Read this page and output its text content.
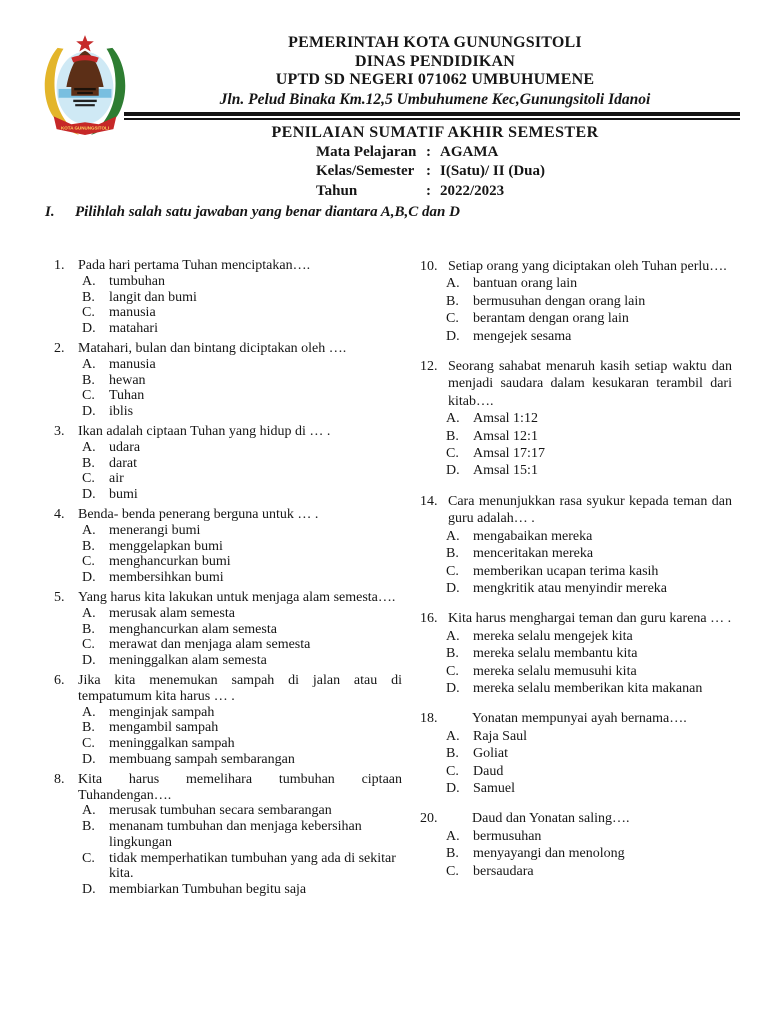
KOTA GUNUNGSITOLI
PEMERINTAH KOTA GUNUNGSITOLI
DINAS PENDIDIKAN
UPTD SD NEGERI 071062 UMBUHUMENE
Jln. Pelud Binaka Km.12,5 Umbuhumene Kec,Gunungsitoli Idanoi
PENILAIAN SUMATIF AKHIR SEMESTER
Mata Pelajaran : AGAMA
Kelas/Semester : I(Satu)/ II (Dua)
Tahun	: 2022/2023
I.	Pilihlah salah satu jawaban yang benar diantara A,B,C dan D
1. Pada hari pertama Tuhan menciptakan….
A. tumbuhan
B.	langit dan bumi
C.	manusia
D. matahari
2. Matahari, bulan dan bintang diciptakan oleh ….
A. manusia
B.	hewan
C.	Tuhan
D. iblis
3. Ikan adalah ciptaan Tuhan yang hidup di … .
A. udara
B.	darat
C.	air
D. bumi
4. Benda- benda penerang berguna untuk … .
A. menerangi bumi
B.	menggelapkan bumi
C.	menghancurkan bumi
D. membersihkan bumi
5. Yang harus kita lakukan untuk menjaga alam semesta….
A. merusak alam semesta
B.	menghancurkan alam semesta
C.	merawat dan menjaga alam semesta
D. meninggalkan alam semesta
6. Jika kita menemukan sampah di jalan atau di tempatumum kita harus … .
A. menginjak sampah
B.	mengambil sampah
C.	meninggalkan sampah
D. membuang sampah sembarangan
8. Kita harus memelihara tumbuhan ciptaan Tuhandengan….
A. merusak tumbuhan secara sembarangan
B.	menanam tumbuhan dan menjaga kebersihan lingkungan
C.	tidak memperhatikan tumbuhan yang ada di sekitar kita.
D. membiarkan Tumbuhan begitu saja
10. Setiap orang yang diciptakan oleh Tuhan perlu….
A. bantuan orang lain
B.	bermusuhan dengan orang lain
C.	berantam dengan orang lain
D. mengejek sesama
12. Seorang sahabat menaruh kasih setiap waktu dan menjadi saudara dalam kesukaran terambil dari kitab….
A. Amsal 1:12
B.	Amsal 12:1
C.	Amsal 17:17
D. Amsal 15:1
14. Cara menunjukkan rasa syukur kepada teman dan guru adalah… .
A. mengabaikan mereka
B.	menceritakan mereka
C.	memberikan ucapan terima kasih
D. mengkritik atau menyindir mereka
16. Kita harus menghargai teman dan guru karena … .
A. mereka selalu mengejek kita
B.	mereka selalu membantu kita
C.	mereka selalu memusuhi kita
D. mereka selalu memberikan kita makanan
18.	Yonatan mempunyai ayah bernama….
A. Raja Saul
B.	Goliat
C.	Daud
D. Samuel
20.	Daud dan Yonatan saling….
A. bermusuhan
B.	menyayangi dan menolong
C.	bersaudara
